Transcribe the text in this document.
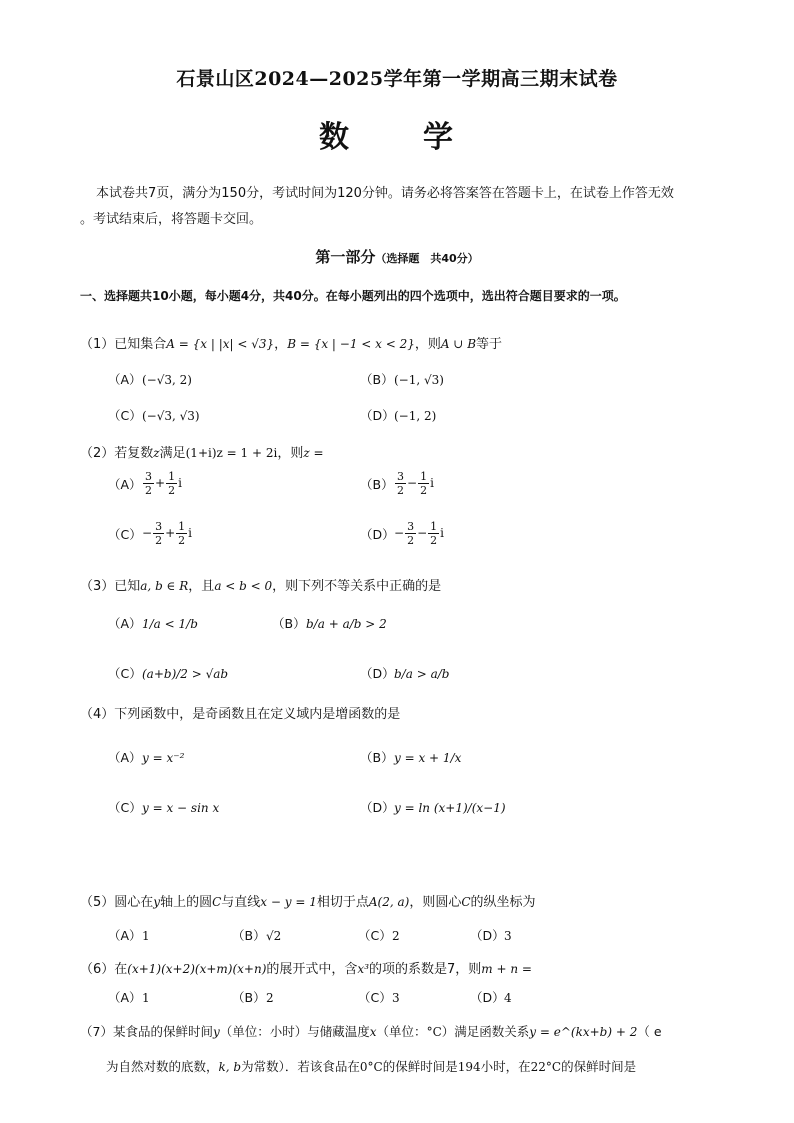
石景山区2024—2025学年第一学期高三期末试卷
数　学
本试卷共7页，满分为150分，考试时间为120分钟。请务必将答案答在答题卡上，在试卷上作答无效
。考试结束后，将答题卡交回。
第一部分（选择题　共40分）
一、选择题共10小题，每小题4分，共40分。在每小题列出的四个选项中，选出符合题目要求的一项。
（1）已知集合A = {x | |x| < √3}，B = {x | −1 < x < 2}，则A ∪ B等于
（A）(−√3, 2)	（B）(−1, √3)
（C）(−√3, √3)	（D）(−1, 2)
（2）若复数z满足(1+i)z = 1 + 2i，则z =
$(A) \frac{3}{2} + \frac{1}{2}$ i	$(B) \frac{3}{2} - \frac{1}{2}$ i
$(C)- \frac{3}{2} + \frac{1}{2}$ i	$(D)- \frac{3}{2} - \frac{1}{2}$ i
（3）已知a, b ∈ R，且a < b < 0，则下列不等关系中正确的是
（A）1/a < 1/b	（B）b/a + a/b > 2
（C）(a+b)/2 > √ab	（D）b/a > a/b
（4）下列函数中，是奇函数且在定义域内是增函数的是
（A）y = x⁻²	（B）y = x + 1/x
（C）y = x − sin x	（D）y = ln (x+1)/(x−1)
（5）圆心在y轴上的圆C与直线x − y = 1相切于点A(2, a)，则圆心C的纵坐标为
（A）1	（B）√2	（C）2	（D）3
（6）在(x+1)(x+2)(x+m)(x+n)的展开式中，含x³的项的系数是7，则m + n =
（A）1	（B）2	（C）3	（D）4
（7）某食品的保鲜时间y（单位：小时）与储藏温度x（单位：°C）满足函数关系y = e^(kx+b) + 2（ e
为自然对数的底数，k, b为常数）．若该食品在0°C的保鲜时间是194小时，在22°C的保鲜时间是
